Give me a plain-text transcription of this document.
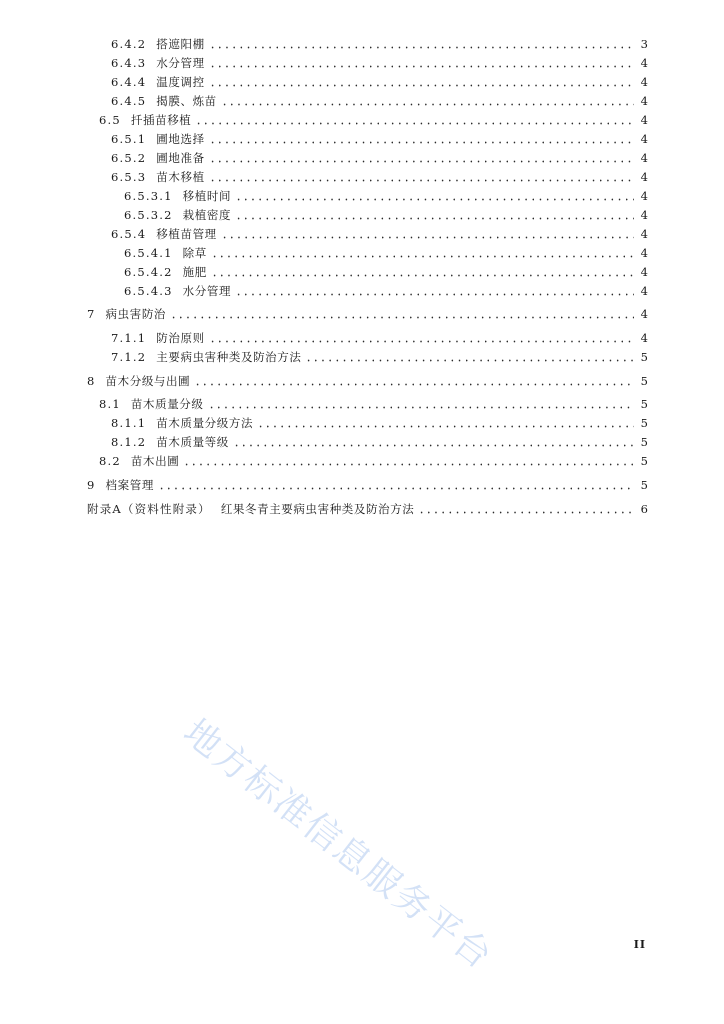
6.4.2 搭遮阳棚	3
6.4.3 水分管理	4
6.4.4 温度调控	4
6.4.5 揭膜、炼苗	4
6.5 扦插苗移植	4
6.5.1 圃地选择	4
6.5.2 圃地准备	4
6.5.3 苗木移植	4
6.5.3.1 移植时间	4
6.5.3.2 栽植密度	4
6.5.4 移植苗管理	4
6.5.4.1 除草	4
6.5.4.2 施肥	4
6.5.4.3 水分管理	4
7 病虫害防治	4
7.1.1 防治原则	4
7.1.2 主要病虫害种类及防治方法	5
8 苗木分级与出圃	5
8.1 苗木质量分级	5
8.1.1 苗木质量分级方法	5
8.1.2 苗木质量等级	5
8.2 苗木出圃	5
9 档案管理	5
附录A（资料性附录） 红果冬青主要病虫害种类及防治方法	6
地方标准信息服务平台	II
